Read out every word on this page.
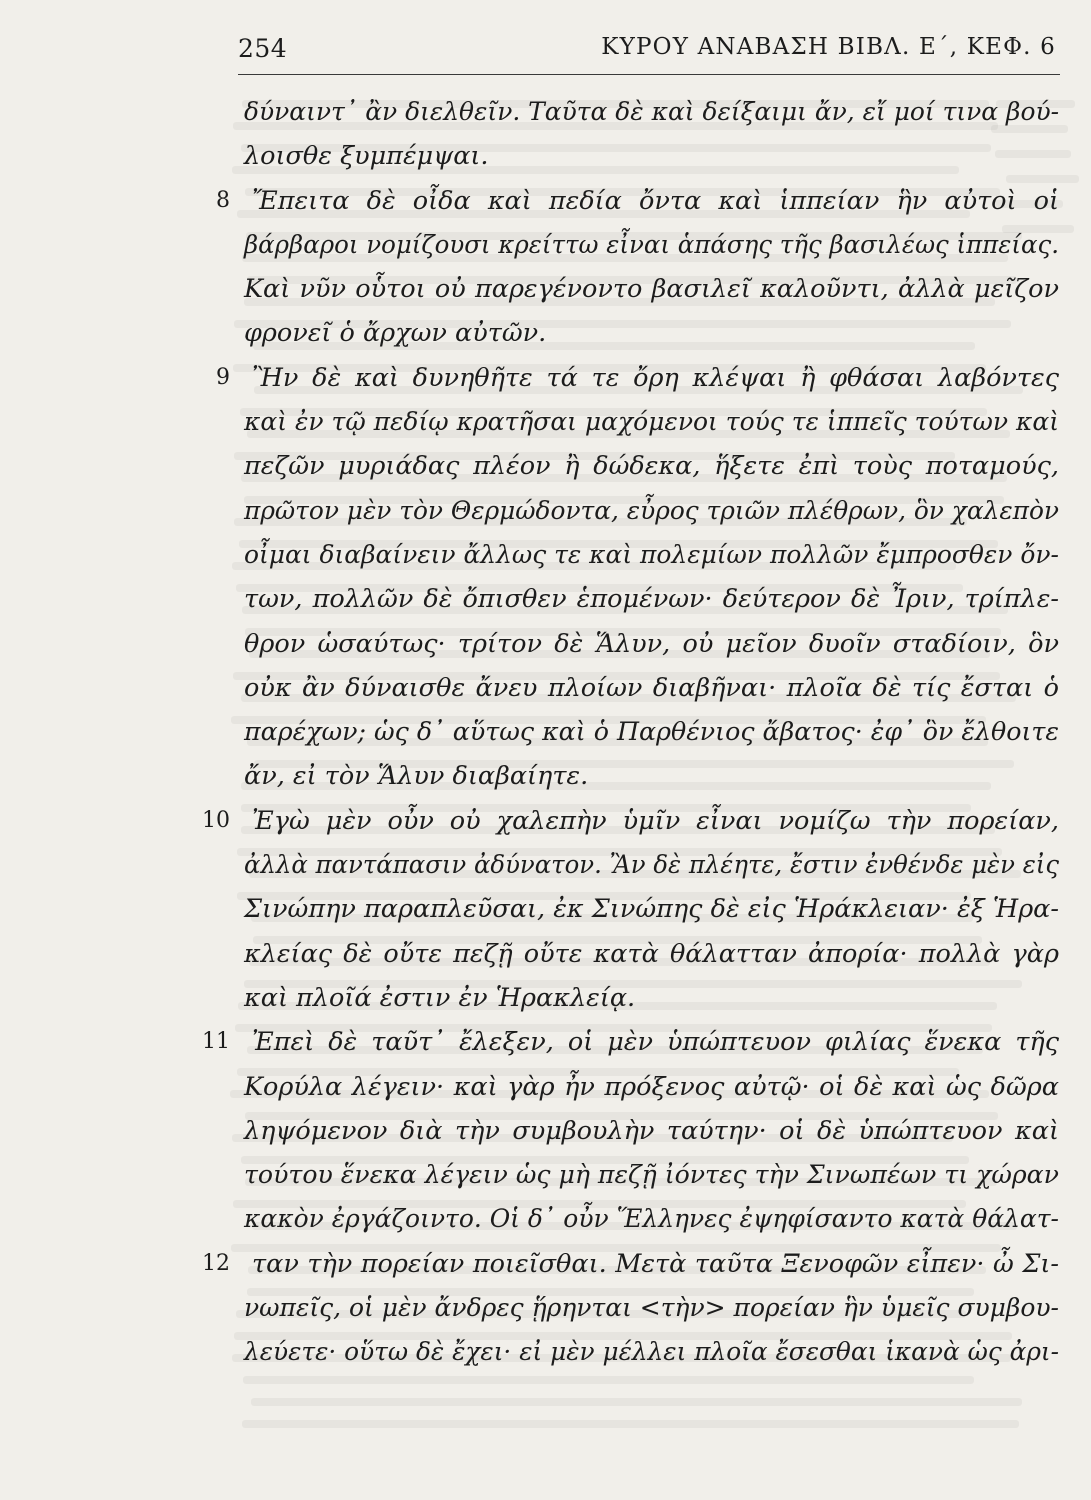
254	ΚΥΡΟΥ ΑΝΑΒΑΣΗ ΒΙΒΛ. Ε΄, ΚΕΦ. 6
δύναιντ᾽ ἂν διελθεῖν. Ταῦτα δὲ καὶ δείξαιμι ἄν, εἴ μοί τινα βού-
λοισθε ξυμπέμψαι.
8 Ἔπειτα δὲ οἶδα καὶ πεδία ὄντα καὶ ἱππείαν ἣν αὐτοὶ οἱ
βάρβαροι νομίζουσι κρείττω εἶναι ἁπάσης τῆς βασιλέως ἱππείας.
Καὶ νῦν οὗτοι οὐ παρεγένοντο βασιλεῖ καλοῦντι, ἀλλὰ μεῖζον
φρονεῖ ὁ ἄρχων αὐτῶν.
9 Ἢν δὲ καὶ δυνηθῆτε τά τε ὄρη κλέψαι ἢ φθάσαι λαβόντες
καὶ ἐν τῷ πεδίῳ κρατῆσαι μαχόμενοι τούς τε ἱππεῖς τούτων καὶ
πεζῶν μυριάδας πλέον ἢ δώδεκα, ἥξετε ἐπὶ τοὺς ποταμούς,
πρῶτον μὲν τὸν Θερμώδοντα, εὖρος τριῶν πλέθρων, ὃν χαλεπὸν
οἶμαι διαβαίνειν ἄλλως τε καὶ πολεμίων πολλῶν ἔμπροσθεν ὄν-
των, πολλῶν δὲ ὄπισθεν ἑπομένων· δεύτερον δὲ Ἶριν, τρίπλε-
θρον ὡσαύτως· τρίτον δὲ Ἅλυν, οὐ μεῖον δυοῖν σταδίοιν, ὃν
οὐκ ἂν δύναισθε ἄνευ πλοίων διαβῆναι· πλοῖα δὲ τίς ἔσται ὁ
παρέχων; ὡς δ᾽ αὕτως καὶ ὁ Παρθένιος ἄβατος· ἐφ᾽ ὃν ἔλθοιτε
ἄν, εἰ τὸν Ἅλυν διαβαίητε.
10 Ἐγὼ μὲν οὖν οὐ χαλεπὴν ὑμῖν εἶναι νομίζω τὴν πορείαν,
ἀλλὰ παντάπασιν ἀδύνατον. Ἂν δὲ πλέητε, ἔστιν ἐνθένδε μὲν εἰς
Σινώπην παραπλεῦσαι, ἐκ Σινώπης δὲ εἰς Ἡράκλειαν· ἐξ Ἡρα-
κλείας δὲ οὔτε πεζῇ οὔτε κατὰ θάλατταν ἀπορία· πολλὰ γὰρ
καὶ πλοῖά ἐστιν ἐν Ἡρακλείᾳ.
11 Ἐπεὶ δὲ ταῦτ᾽ ἔλεξεν, οἱ μὲν ὑπώπτευον φιλίας ἕνεκα τῆς
Κορύλα λέγειν· καὶ γὰρ ἦν πρόξενος αὐτῷ· οἱ δὲ καὶ ὡς δῶρα
ληψόμενον διὰ τὴν συμβουλὴν ταύτην· οἱ δὲ ὑπώπτευον καὶ
τούτου ἕνεκα λέγειν ὡς μὴ πεζῇ ἰόντες τὴν Σινωπέων τι χώραν
κακὸν ἐργάζοιντο. Οἱ δ᾽ οὖν Ἕλληνες ἐψηφίσαντο κατὰ θάλατ-
12 ταν τὴν πορείαν ποιεῖσθαι. Μετὰ ταῦτα Ξενοφῶν εἶπεν· ὦ Σι-
νωπεῖς, οἱ μὲν ἄνδρες ᾕρηνται <τὴν> πορείαν ἣν ὑμεῖς συμβου-
λεύετε· οὕτω δὲ ἔχει· εἰ μὲν μέλλει πλοῖα ἔσεσθαι ἱκανὰ ὡς ἀρι-
